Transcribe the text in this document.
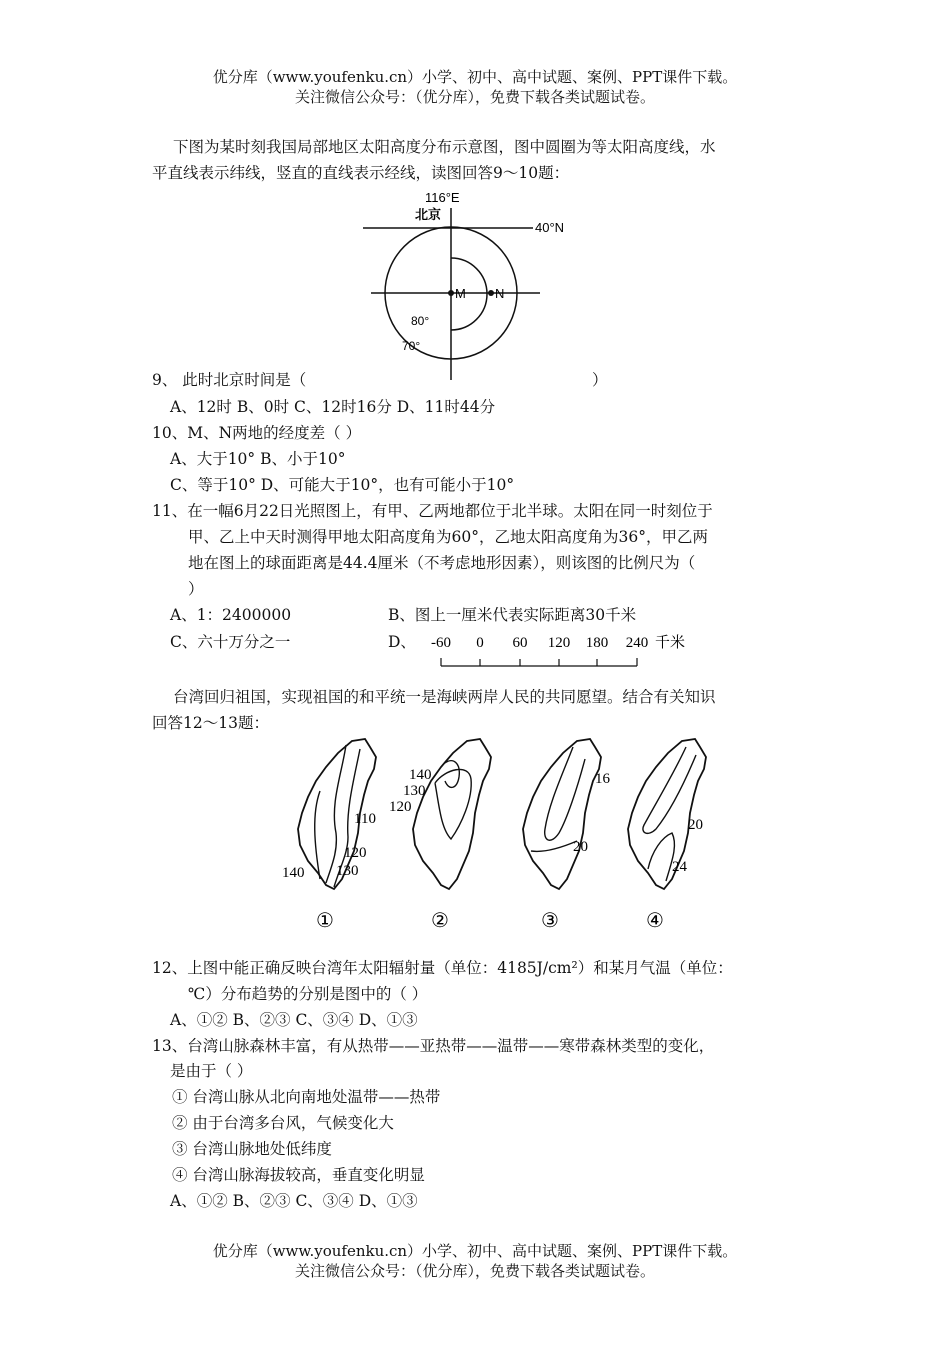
优分库（www.youfenku.cn）小学、初中、高中试题、案例、PPT课件下载。
关注微信公众号：（优分库），免费下载各类试题试卷。
下图为某时刻我国局部地区太阳高度分布示意图，图中圆圈为等太阳高度线，水
平直线表示纬线，竖直的直线表示经线，读图回答9～10题：
116°E
北京
40°N
M N
80°
70°
9、 此时北京时间是（	）
A、12时 B、0时 C、12时16分 D、11时44分
10、M、N两地的经度差（ ）
A、大于10° B、小于10°
C、等于10° D、可能大于10°，也有可能小于10°
11、在一幅6月22日光照图上，有甲、乙两地都位于北半球。太阳在同一时刻位于
甲、乙上中天时测得甲地太阳高度角为60°，乙地太阳高度角为36°，甲乙两
地在图上的球面距离是44.4厘米（不考虑地形因素），则该图的比例尺为（
）
A、1：2400000	B、图上一厘米代表实际距离30千米
C、六十万分之一	D、 -60 0 60 120 180 240 千米
台湾回归祖国，实现祖国的和平统一是海峡两岸人民的共同愿望。结合有关知识
回答12～13题：
110
120
130
140
①
140
130
120
②
16
20
③
20
24
④
12、上图中能正确反映台湾年太阳辐射量（单位：4185J/cm²）和某月气温（单位：
℃）分布趋势的分别是图中的（ ）
A、①② B、②③ C、③④ D、①③
13、台湾山脉森林丰富，有从热带——亚热带——温带——寒带森林类型的变化，
是由于（ ）
① 台湾山脉从北向南地处温带——热带
② 由于台湾多台风，气候变化大
③ 台湾山脉地处低纬度
④ 台湾山脉海拔较高，垂直变化明显
A、①② B、②③ C、③④ D、①③
优分库（www.youfenku.cn）小学、初中、高中试题、案例、PPT课件下载。
关注微信公众号：（优分库），免费下载各类试题试卷。
